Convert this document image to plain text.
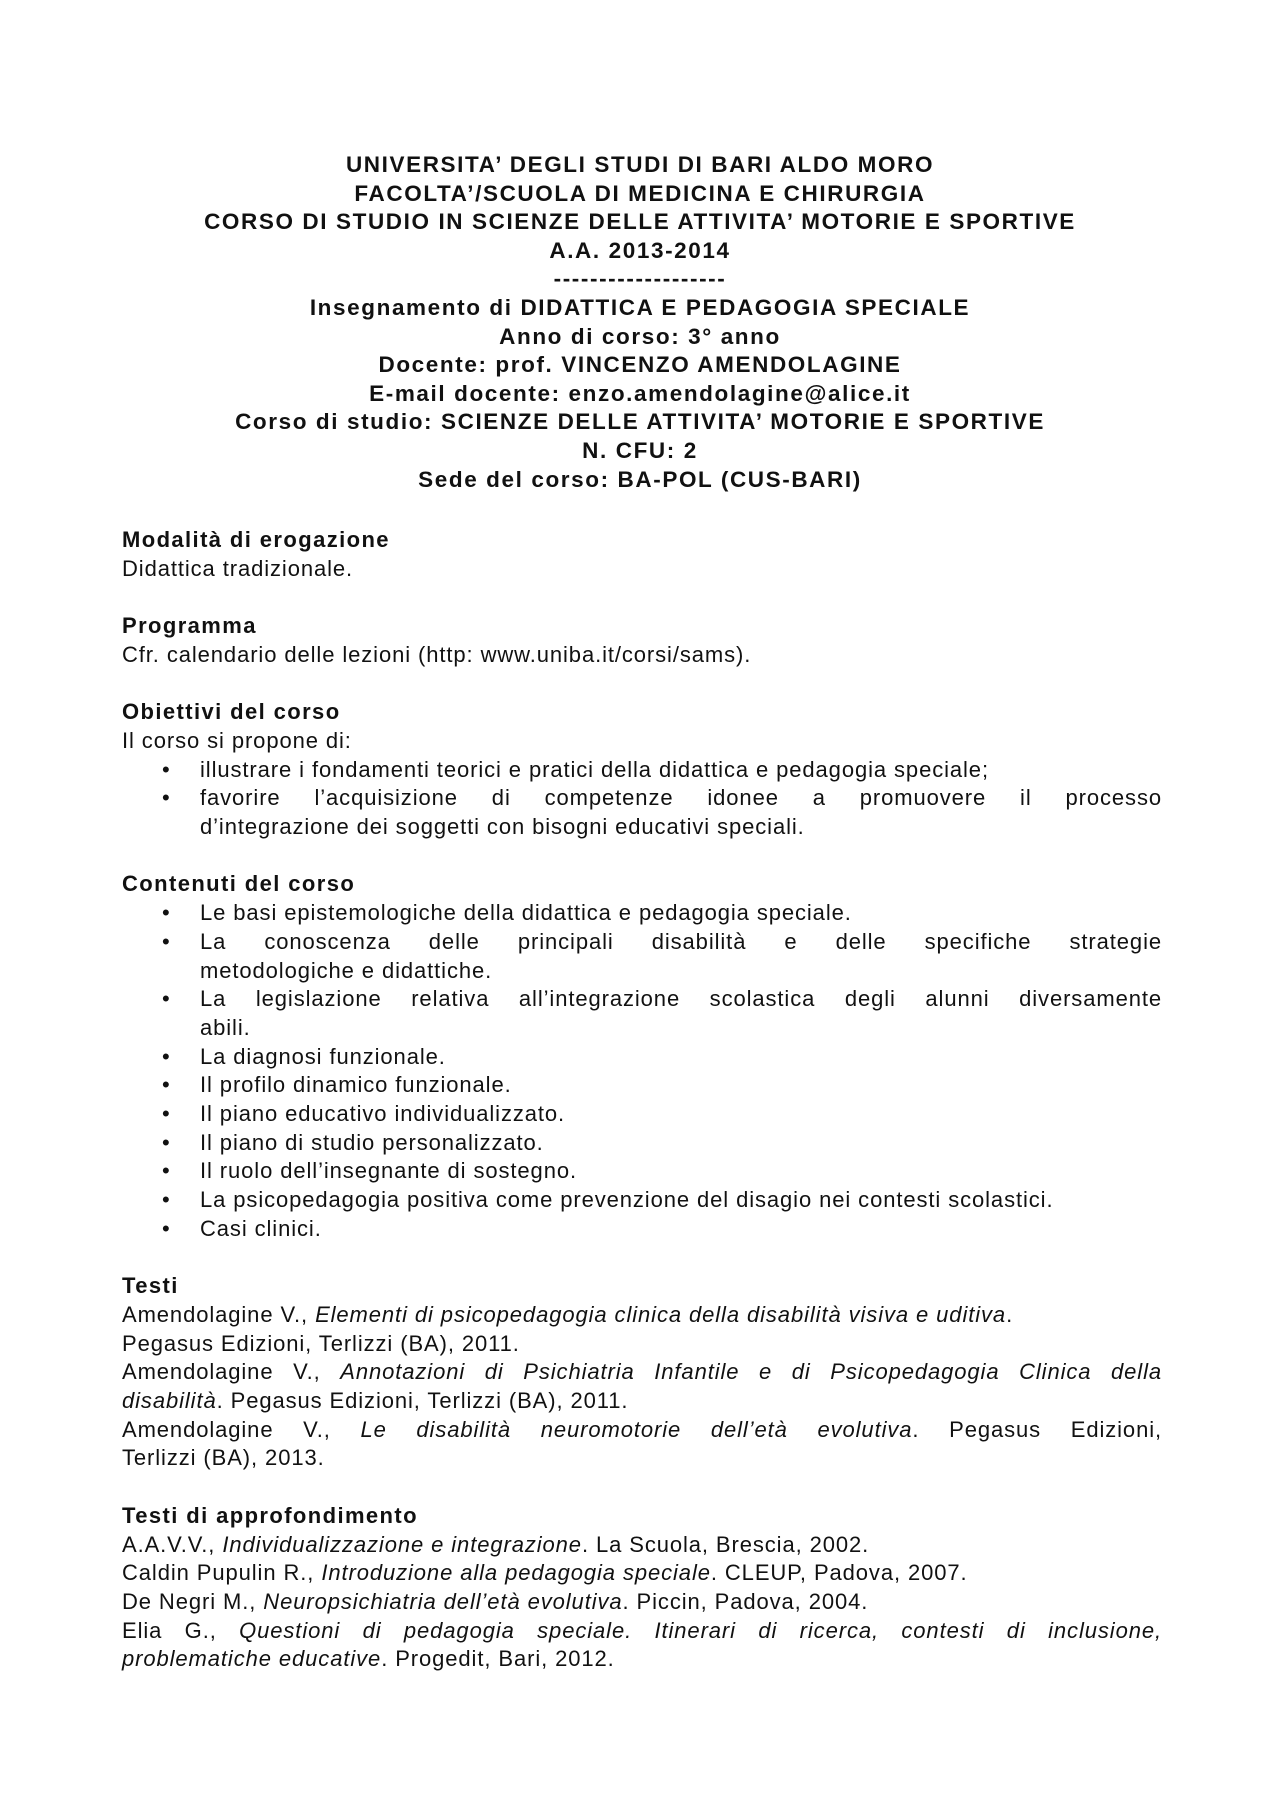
UNIVERSITA’ DEGLI STUDI DI BARI ALDO MORO
FACOLTA’/SCUOLA DI MEDICINA E CHIRURGIA
CORSO DI STUDIO IN SCIENZE DELLE ATTIVITA’ MOTORIE E SPORTIVE
A.A. 2013-2014
-------------------
Insegnamento di DIDATTICA E PEDAGOGIA SPECIALE
Anno di corso: 3° anno
Docente: prof. VINCENZO AMENDOLAGINE
E-mail docente: enzo.amendolagine@alice.it
Corso di studio: SCIENZE DELLE ATTIVITA’ MOTORIE E SPORTIVE
N. CFU: 2
Sede del corso: BA-POL (CUS-BARI)
Modalità di erogazione
Didattica tradizionale.
Programma
Cfr. calendario delle lezioni (http: www.uniba.it/corsi/sams).
Obiettivi del corso
Il corso si propone di:
• illustrare i fondamenti teorici e pratici della didattica e pedagogia speciale;
• favorire l’acquisizione di competenze idonee a promuovere il processo
d’integrazione dei soggetti con bisogni educativi speciali.
Contenuti del corso
• Le basi epistemologiche della didattica e pedagogia speciale.
• La conoscenza delle principali disabilità e delle specifiche strategie
metodologiche e didattiche.
• La legislazione relativa all’integrazione scolastica degli alunni diversamente
abili.
• La diagnosi funzionale.
• Il profilo dinamico funzionale.
• Il piano educativo individualizzato.
• Il piano di studio personalizzato.
• Il ruolo dell’insegnante di sostegno.
• La psicopedagogia positiva come prevenzione del disagio nei contesti scolastici.
• Casi clinici.
Testi
Amendolagine V., Elementi di psicopedagogia clinica della disabilità visiva e uditiva.
Pegasus Edizioni, Terlizzi (BA), 2011.
Amendolagine V., Annotazioni di Psichiatria Infantile e di Psicopedagogia Clinica della
disabilità. Pegasus Edizioni, Terlizzi (BA), 2011.
Amendolagine V., Le disabilità neuromotorie dell’età evolutiva. Pegasus Edizioni,
Terlizzi (BA), 2013.
Testi di approfondimento
A.A.V.V., Individualizzazione e integrazione. La Scuola, Brescia, 2002.
Caldin Pupulin R., Introduzione alla pedagogia speciale. CLEUP, Padova, 2007.
De Negri M., Neuropsichiatria dell’età evolutiva. Piccin, Padova, 2004.
Elia G., Questioni di pedagogia speciale. Itinerari di ricerca, contesti di inclusione,
problematiche educative. Progedit, Bari, 2012.
